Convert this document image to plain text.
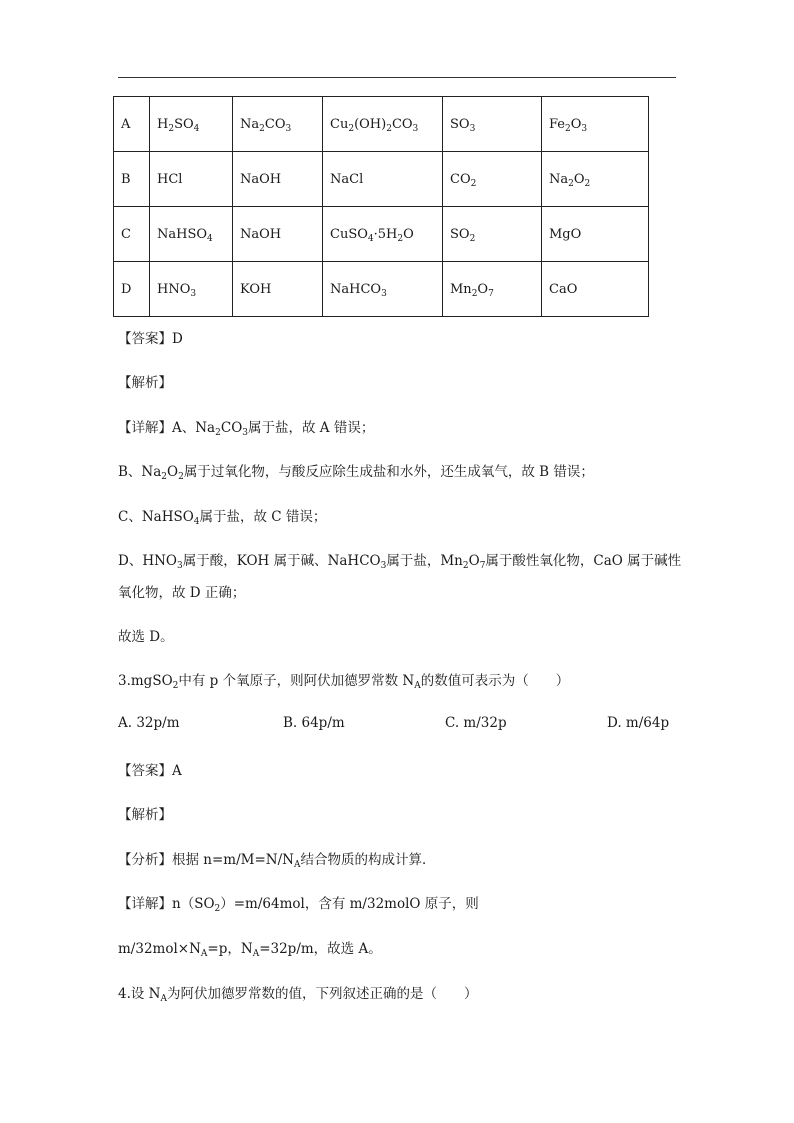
A	$H_2SO_4$	$Na_2CO_3$	$Cu_2(OH)_2CO_3$	$SO_3$	$Fe_2O_3$
B	HCl	NaOH	NaCl	$CO_2$	$Na_2O_2$
C	NaHSO$_4$	NaOH	$CuSO_4\cdot 5H_2O$	$SO_2$	MgO
D	$HNO_3$	KOH	NaHCO$_3$	$Mn_2O_7$	CaO
【答案】D
【解析】
【详解】A、$Na_2CO_3$属于盐，故 A 错误；
B、$Na_2O_2$属于过氧化物，与酸反应除生成盐和水外，还生成氧气，故 B 错误；
C、NaHSO$_4$属于盐，故 C 错误；
D、$HNO_3$属于酸，KOH 属于碱、NaHCO$_3$属于盐，$Mn_2O_7$属于酸性氧化物，CaO 属于碱性
氧化物，故 D 正确；
故选 D。
3.mgSO$_2$中有 p 个氧原子，则阿伏加德罗常数 $N_A$的数值可表示为（　　）
A. 32p/m	B. 64p/m	C. m/32p	D. m/64p
【答案】A
【解析】
【分析】根据 $n=m/M=N/N_A$结合物质的构成计算．
【详解】$n(SO_2)=m/64mol$，含有 m/32molO 原子，则
$m/32mol\times N_A=p$，$N_A=32p/m$，故选 A。
4.设 $N_A$为阿伏加德罗常数的值，下列叙述正确的是（　　）
